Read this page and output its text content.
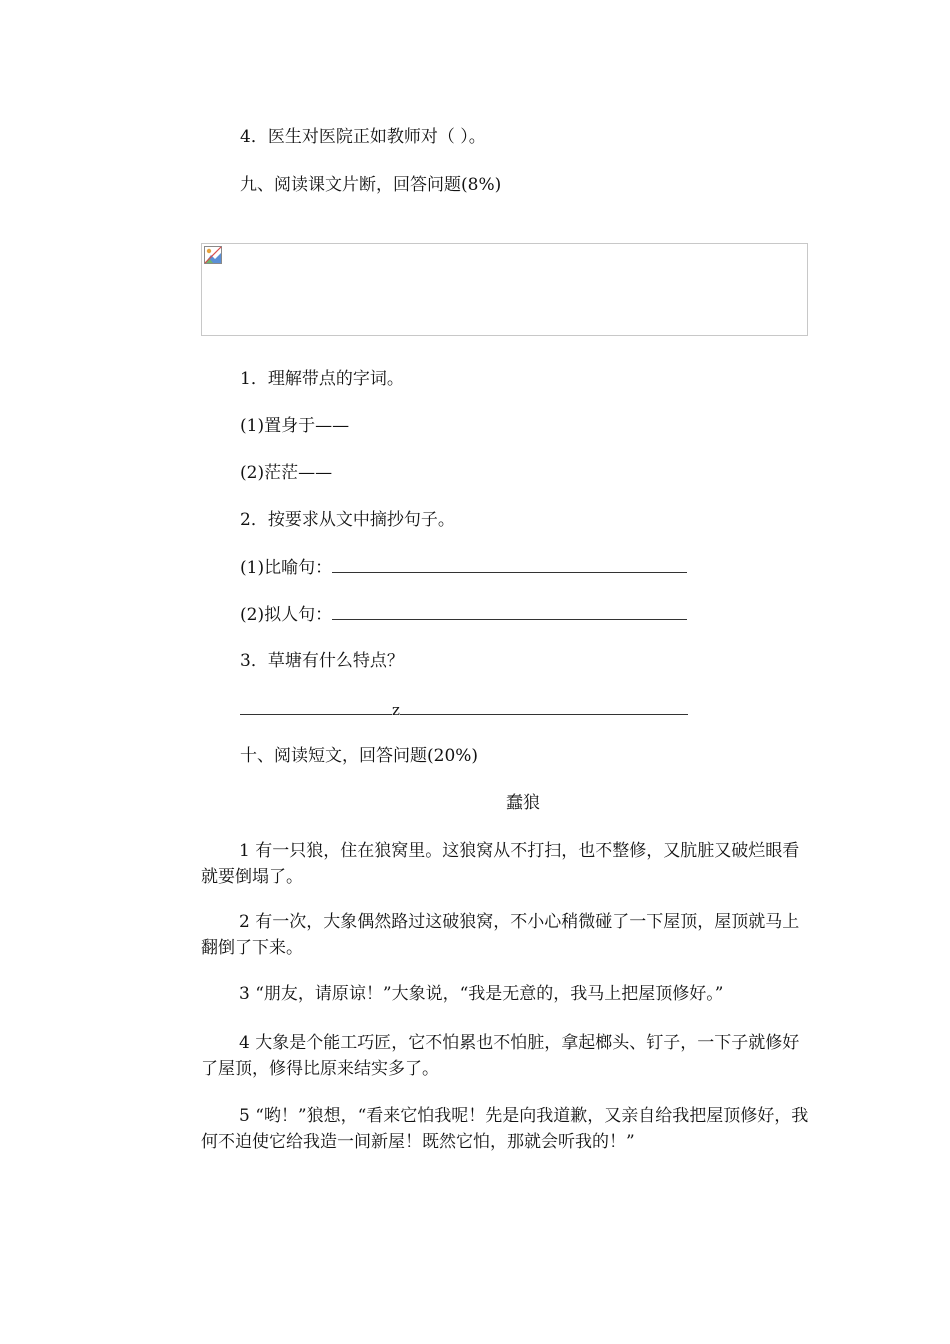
4．医生对医院正如教师对（ ）。
九、阅读课文片断，回答问题(8%)
1．理解带点的字词。
(1)置身于——
(2)茫茫——
2．按要求从文中摘抄句子。
(1)比喻句：
(2)拟人句：
3．草塘有什么特点？
z
十、阅读短文，回答问题(20%)
蠢狼
1 有一只狼，住在狼窝里。这狼窝从不打扫，也不整修，又肮脏又破烂眼看就要倒塌了。
2 有一次，大象偶然路过这破狼窝，不小心稍微碰了一下屋顶，屋顶就马上翻倒了下来。
3 “朋友，请原谅！”大象说，“我是无意的，我马上把屋顶修好。”
4 大象是个能工巧匠，它不怕累也不怕脏，拿起榔头、钉子，一下子就修好了屋顶，修得比原来结实多了。
5 “哟！”狼想，“看来它怕我呢！先是向我道歉，又亲自给我把屋顶修好，我何不迫使它给我造一间新屋！既然它怕，那就会听我的！”
